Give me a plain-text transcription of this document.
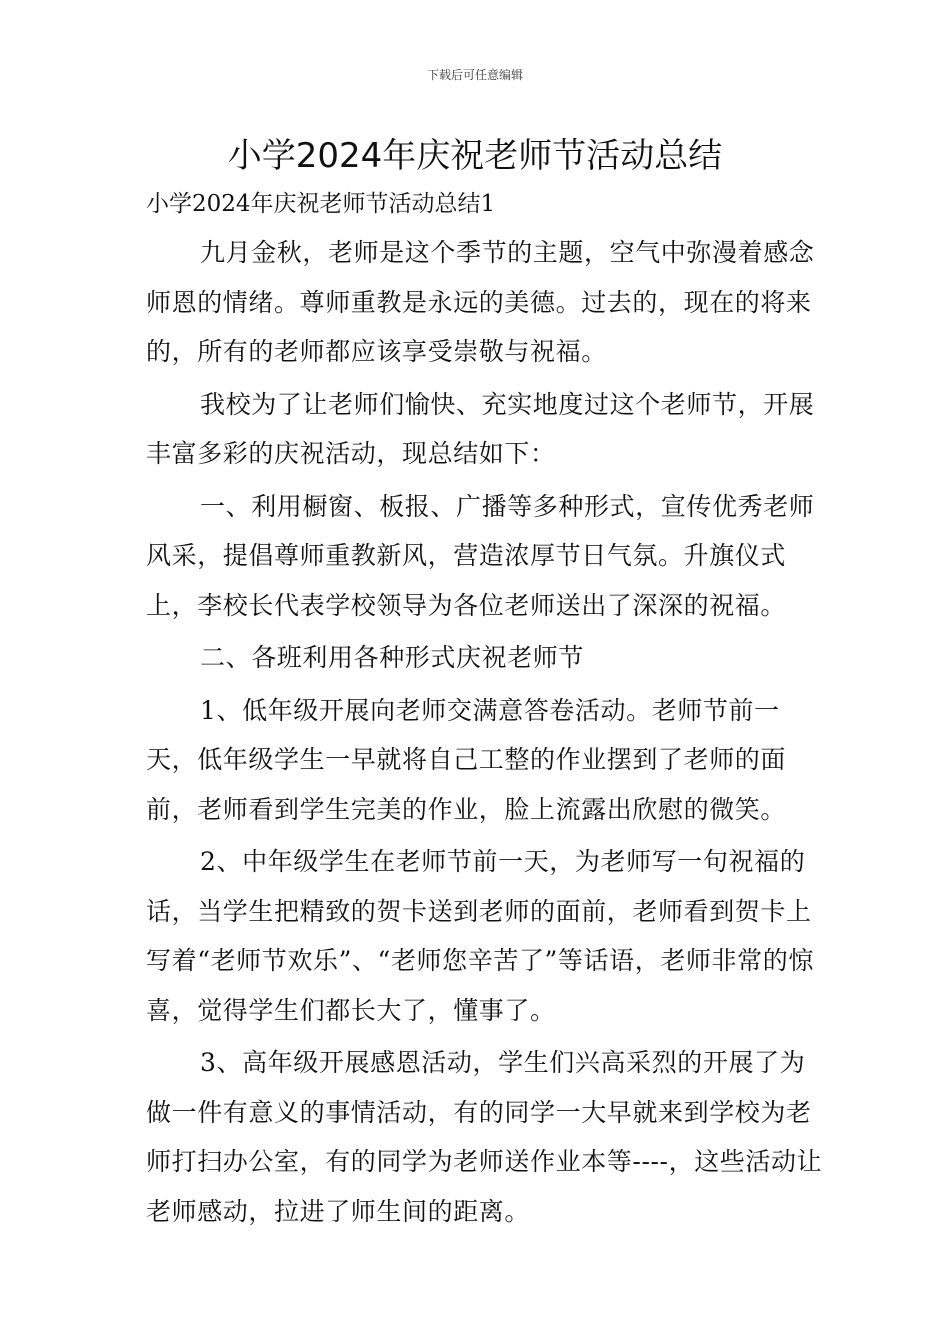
下载后可任意编辑
小学2024年庆祝老师节活动总结
小学2024年庆祝老师节活动总结1

九月金秋，老师是这个季节的主题，空气中弥漫着感念师恩的情绪。尊师重教是永远的美德。过去的，现在的将来的，所有的老师都应该享受崇敬与祝福。

我校为了让老师们愉快、充实地度过这个老师节，开展丰富多彩的庆祝活动，现总结如下：

一、利用橱窗、板报、广播等多种形式，宣传优秀老师风采，提倡尊师重教新风，营造浓厚节日气氛。升旗仪式上，李校长代表学校领导为各位老师送出了深深的祝福。

二、各班利用各种形式庆祝老师节

1、低年级开展向老师交满意答卷活动。老师节前一天，低年级学生一早就将自己工整的作业摆到了老师的面前，老师看到学生完美的作业，脸上流露出欣慰的微笑。

2、中年级学生在老师节前一天，为老师写一句祝福的话，当学生把精致的贺卡送到老师的面前，老师看到贺卡上写着“老师节欢乐”、“老师您辛苦了”等话语，老师非常的惊喜，觉得学生们都长大了，懂事了。

3、高年级开展感恩活动，学生们兴高采烈的开展了为做一件有意义的事情活动，有的同学一大早就来到学校为老师打扫办公室，有的同学为老师送作业本等----，这些活动让老师感动，拉进了师生间的距离。
